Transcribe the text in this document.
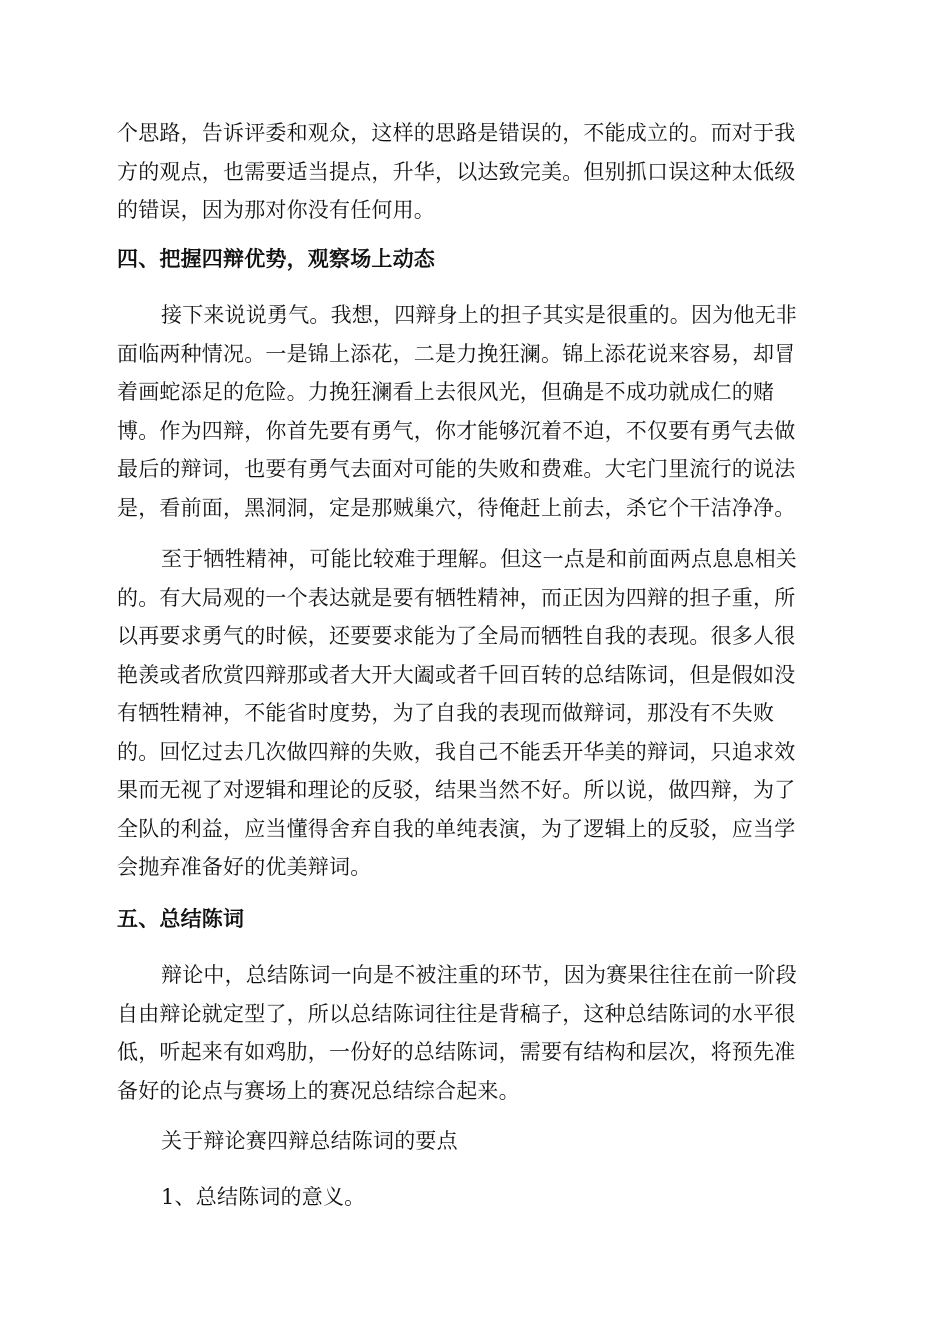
个思路，告诉评委和观众，这样的思路是错误的，不能成立的。而对于我
方的观点，也需要适当提点，升华，以达致完美。但别抓口误这种太低级
的错误，因为那对你没有任何用。
四、把握四辩优势，观察场上动态
接下来说说勇气。我想，四辩身上的担子其实是很重的。因为他无非
面临两种情况。一是锦上添花，二是力挽狂澜。锦上添花说来容易，却冒
着画蛇添足的危险。力挽狂澜看上去很风光，但确是不成功就成仁的赌
博。作为四辩，你首先要有勇气，你才能够沉着不迫，不仅要有勇气去做
最后的辩词，也要有勇气去面对可能的失败和费难。大宅门里流行的说法
是，看前面，黑洞洞，定是那贼巢穴，待俺赶上前去，杀它个干洁净净。
至于牺牲精神，可能比较难于理解。但这一点是和前面两点息息相关
的。有大局观的一个表达就是要有牺牲精神，而正因为四辩的担子重，所
以再要求勇气的时候，还要要求能为了全局而牺牲自我的表现。很多人很
艳羡或者欣赏四辩那或者大开大阖或者千回百转的总结陈词，但是假如没
有牺牲精神，不能省时度势，为了自我的表现而做辩词，那没有不失败
的。回忆过去几次做四辩的失败，我自己不能丢开华美的辩词，只追求效
果而无视了对逻辑和理论的反驳，结果当然不好。所以说，做四辩，为了
全队的利益，应当懂得舍弃自我的单纯表演，为了逻辑上的反驳，应当学
会抛弃准备好的优美辩词。
五、总结陈词
辩论中，总结陈词一向是不被注重的环节，因为赛果往往在前一阶段
自由辩论就定型了，所以总结陈词往往是背稿子，这种总结陈词的水平很
低，听起来有如鸡肋，一份好的总结陈词，需要有结构和层次，将预先准
备好的论点与赛场上的赛况总结综合起来。
关于辩论赛四辩总结陈词的要点
1、总结陈词的意义。
